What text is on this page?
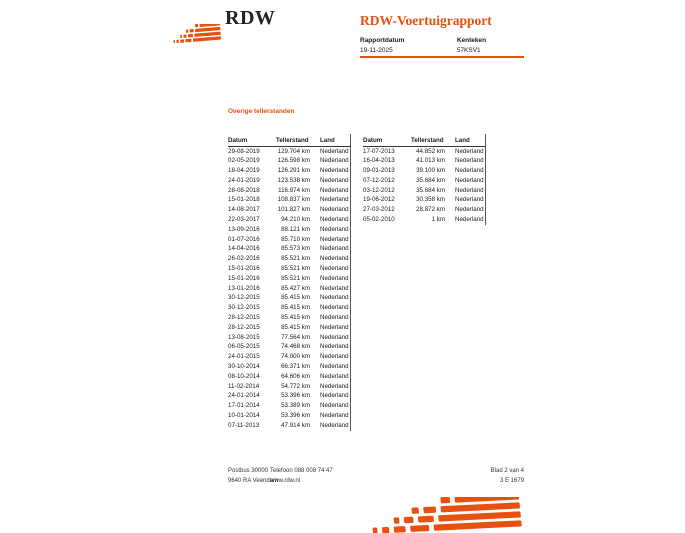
RDW	RDW-Voertuigrapport
Rapportdatum
19-11-2025

Kenteken
57KSV1
Overige tellerstanden
Datum	Tellerstand	Land
29-08-2019	129.704 km	Nederland
02-05-2019	126.598 km	Nederland
18-04-2019	126.291 km	Nederland
24-01-2019	123.538 km	Nederland
28-08-2018	116.974 km	Nederland
15-01-2018	108.837 km	Nederland
14-08-2017	101.827 km	Nederland
22-03-2017	94.210 km	Nederland
13-09-2016	88.121 km	Nederland
01-07-2016	85.710 km	Nederland
14-04-2016	85.573 km	Nederland
26-02-2016	85.521 km	Nederland
15-01-2016	85.521 km	Nederland
15-01-2016	85.521 km	Nederland
13-01-2016	85.427 km	Nederland
30-12-2015	85.415 km	Nederland
30-12-2015	85.415 km	Nederland
28-12-2015	85.415 km	Nederland
28-12-2015	85.415 km	Nederland
13-08-2015	77.564 km	Nederland
06-05-2015	74.468 km	Nederland
24-01-2015	74.000 km	Nederland
30-10-2014	66.371 km	Nederland
08-10-2014	64.606 km	Nederland
11-02-2014	54.772 km	Nederland
24-01-2014	53.396 km	Nederland
17-01-2014	53.389 km	Nederland
10-01-2014	53.396 km	Nederland
07-11-2013	47.914 km	Nederland
Datum	Tellerstand	Land
17-07-2013	44.852 km	Nederland
16-04-2013	41.013 km	Nederland
09-01-2013	39.100 km	Nederland
07-12-2012	35.684 km	Nederland
03-12-2012	35.684 km	Nederland
19-06-2012	30.358 km	Nederland
27-03-2012	28.872 km	Nederland
05-02-2010	1 km	Nederland
Postbus 30000
9640 RA Veendam
Telefoon 088 008 74 47
www.rdw.nl
Blad 2 van 4
3 E 1679
